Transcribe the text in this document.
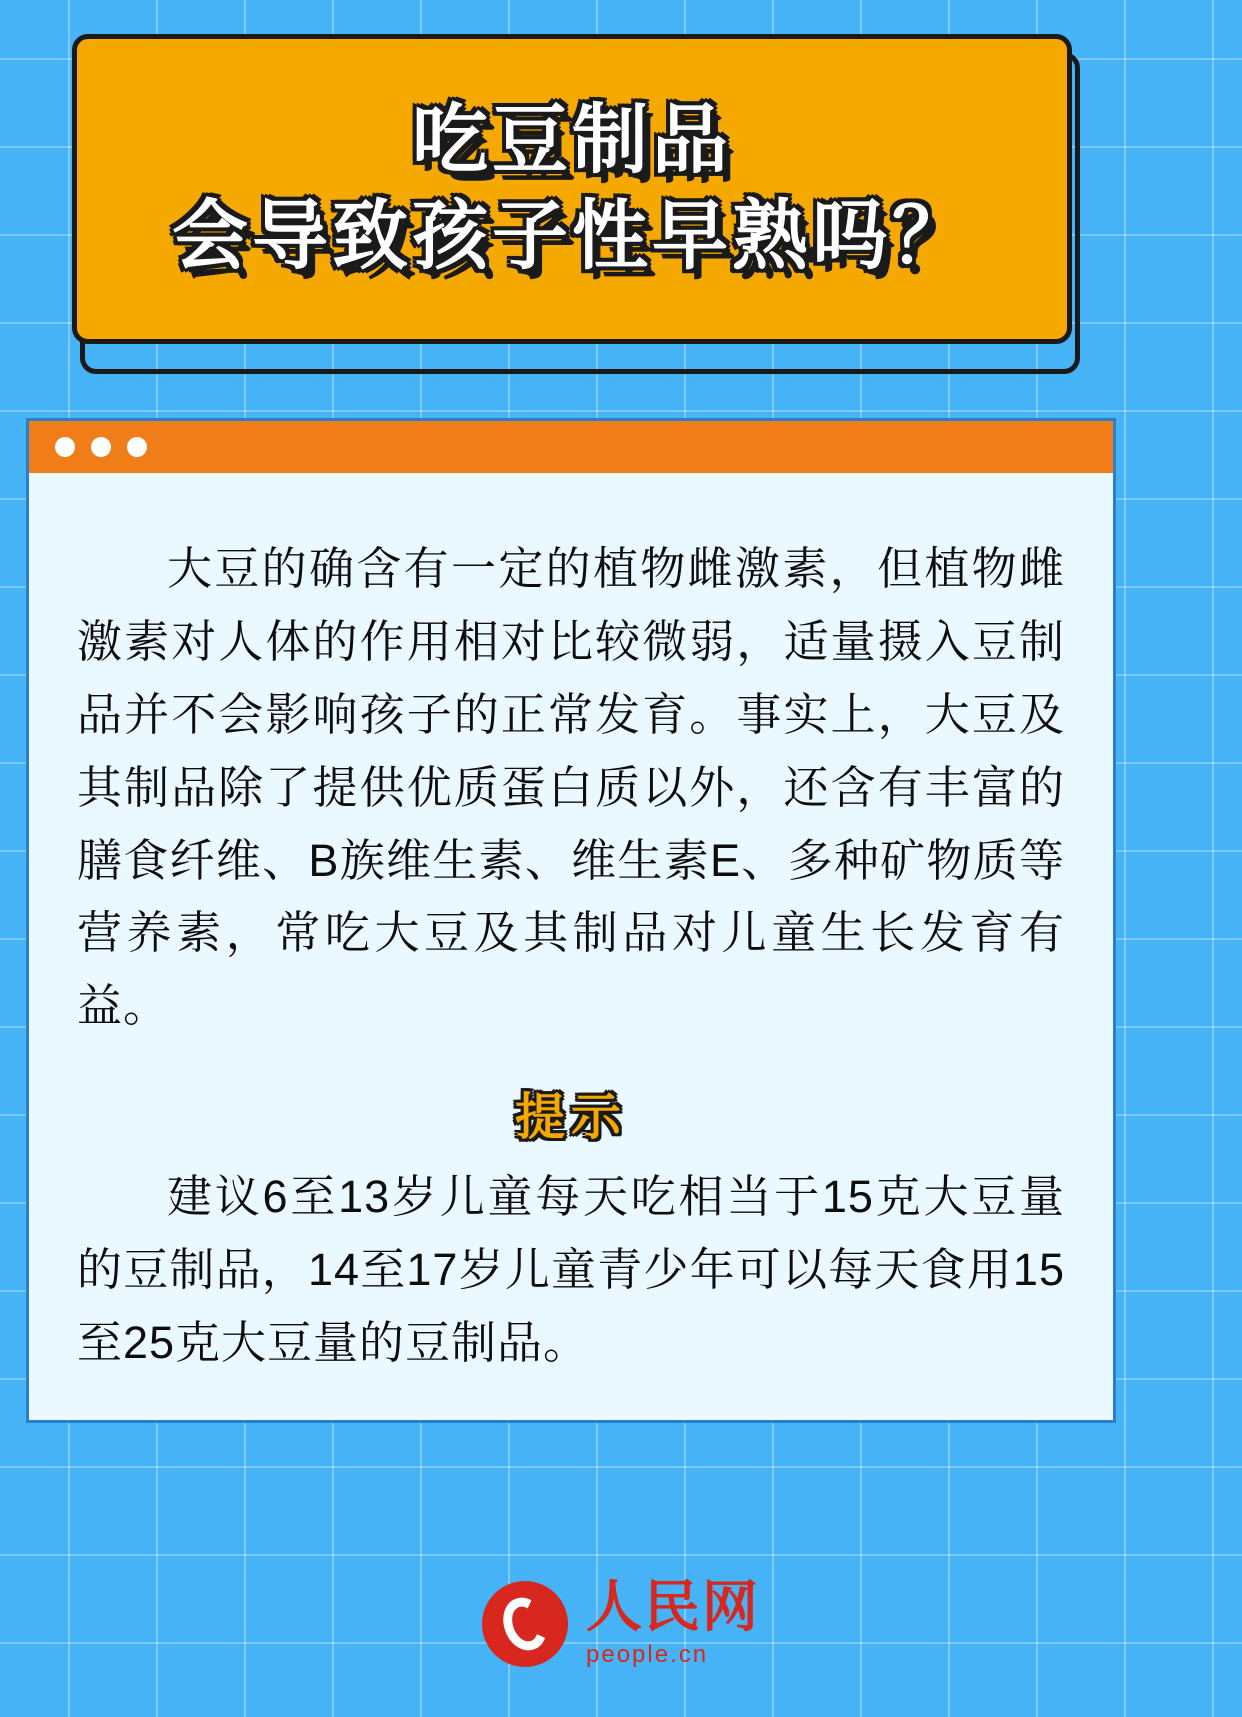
吃豆制品
会导致孩子性早熟吗？

大豆的确含有一定的植物雌激素，但植物雌激素对人体的作用相对比较微弱，适量摄入豆制品并不会影响孩子的正常发育。事实上，大豆及其制品除了提供优质蛋白质以外，还含有丰富的膳食纤维、B族维生素、维生素E、多种矿物质等营养素，常吃大豆及其制品对儿童生长发育有益。

提示

建议6至13岁儿童每天吃相当于15克大豆量的豆制品，14至17岁儿童青少年可以每天食用15至25克大豆量的豆制品。

人民网
people.cn
